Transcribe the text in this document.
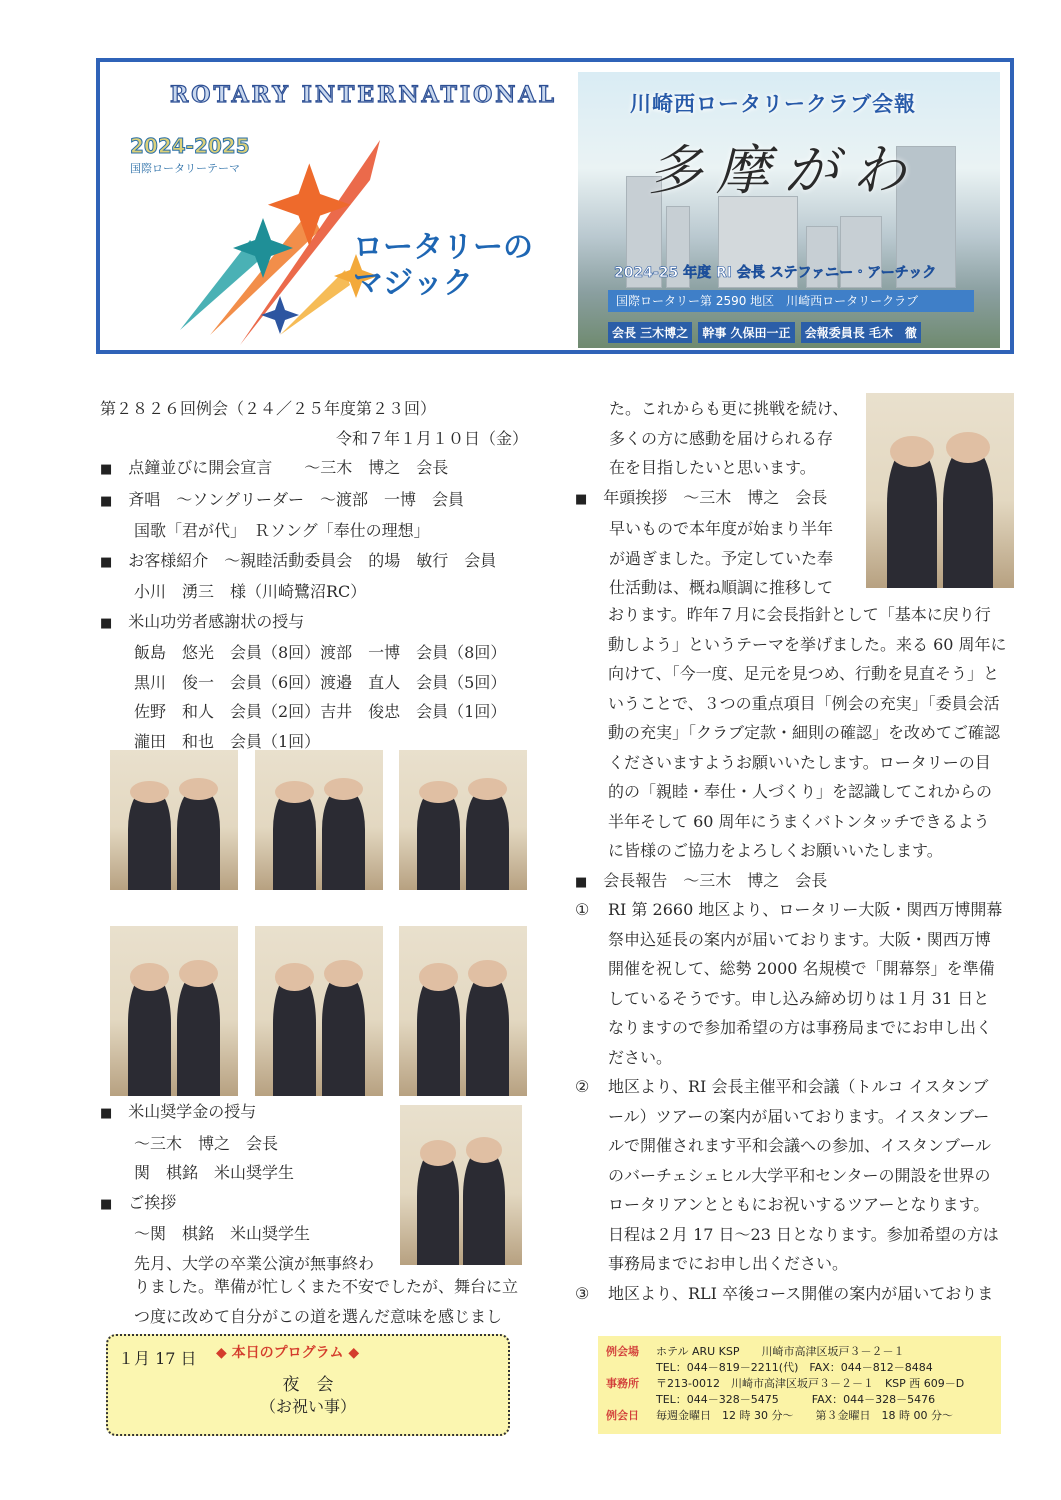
ROTARY INTERNATIONAL
2024-2025
国際ロータリーテーマ
ロータリーの
マジック
川崎西ロータリークラブ会報
多摩がわ
2024-25 年度 RI 会長 ステファニー・アーチック
国際ロータリー第 2590 地区　川崎西ロータリークラブ
会長 三木博之 幹事 久保田一正 会報委員長 毛木　徹
第２８２６回例会（２４／２５年度第２３回）
令和７年１月１０日（金）
■ 点鐘並びに開会宣言　　～三木　博之　会長
■ 斉唱　～ソングリーダー　～渡部　一博　会員
国歌「君が代」　Ｒソング「奉仕の理想」
■ お客様紹介　～親睦活動委員会　的場　敏行　会員
小川　湧三　様（川崎鷺沼RC）
■ 米山功労者感謝状の授与
飯島　悠光　会員（8回）渡部　一博　会員（8回）
黒川　俊一　会員（6回）渡邉　直人　会員（5回）
佐野　和人　会員（2回）吉井　俊忠　会員（1回）
瀧田　和也　会員（1回）
■ 米山奨学金の授与
～三木　博之　会長
関　棋銘　米山奨学生
■ ご挨拶
～関　棋銘　米山奨学生
先月、大学の卒業公演が無事終わ
りました。準備が忙しくまた不安でしたが、舞台に立
つ度に改めて自分がこの道を選んだ意味を感じまし
た。これからも更に挑戦を続け、
多くの方に感動を届けられる存
在を目指したいと思います。
■ 年頭挨拶　～三木　博之　会長
早いもので本年度が始まり半年
が過ぎました。予定していた奉
仕活動は、概ね順調に推移して
おります。昨年７月に会長指針として「基本に戻り行
動しよう」というテーマを挙げました。来る 60 周年に
向けて、「今一度、足元を見つめ、行動を見直そう」と
いうことで、３つの重点項目「例会の充実」「委員会活
動の充実」「クラブ定款・細則の確認」を改めてご確認
くださいますようお願いいたします。ロータリーの目
的の「親睦・奉仕・人づくり」を認識してこれからの
半年そして 60 周年にうまくバトンタッチできるよう
に皆様のご協力をよろしくお願いいたします。
■ 会長報告　～三木　博之　会長
①	RI 第 2660 地区より、ロータリー大阪・関西万博開幕
祭申込延長の案内が届いております。大阪・関西万博
開催を祝して、総勢 2000 名規模で「開幕祭」を準備
しているそうです。申し込み締め切りは１月 31 日と
なりますので参加希望の方は事務局までにお申し出く
ださい。
②	地区より、RI 会長主催平和会議（トルコ イスタンブ
ール）ツアーの案内が届いております。イスタンブー
ルで開催されます平和会議への参加、イスタンブール
のバーチェシェヒル大学平和センターの開設を世界の
ロータリアンとともにお祝いするツアーとなります。
日程は２月 17 日～23 日となります。参加希望の方は
事務局までにお申し出ください。
③	地区より、RLI 卒後コース開催の案内が届いておりま
１月 17 日 ◆ 本日のプログラム ◆
夜　会
（お祝い事）
例会場 ホテル ARU KSP　　川崎市高津区坂戸３－２－１
TEL：044－819－2211(代)　FAX：044－812－8484
事務所 〒213-0012　川崎市高津区坂戸３－２－１　KSP 西 609－D
TEL：044－328－5475　　　FAX：044－328－5476
例会日 毎週金曜日　12 時 30 分～　　第３金曜日　18 時 00 分～
